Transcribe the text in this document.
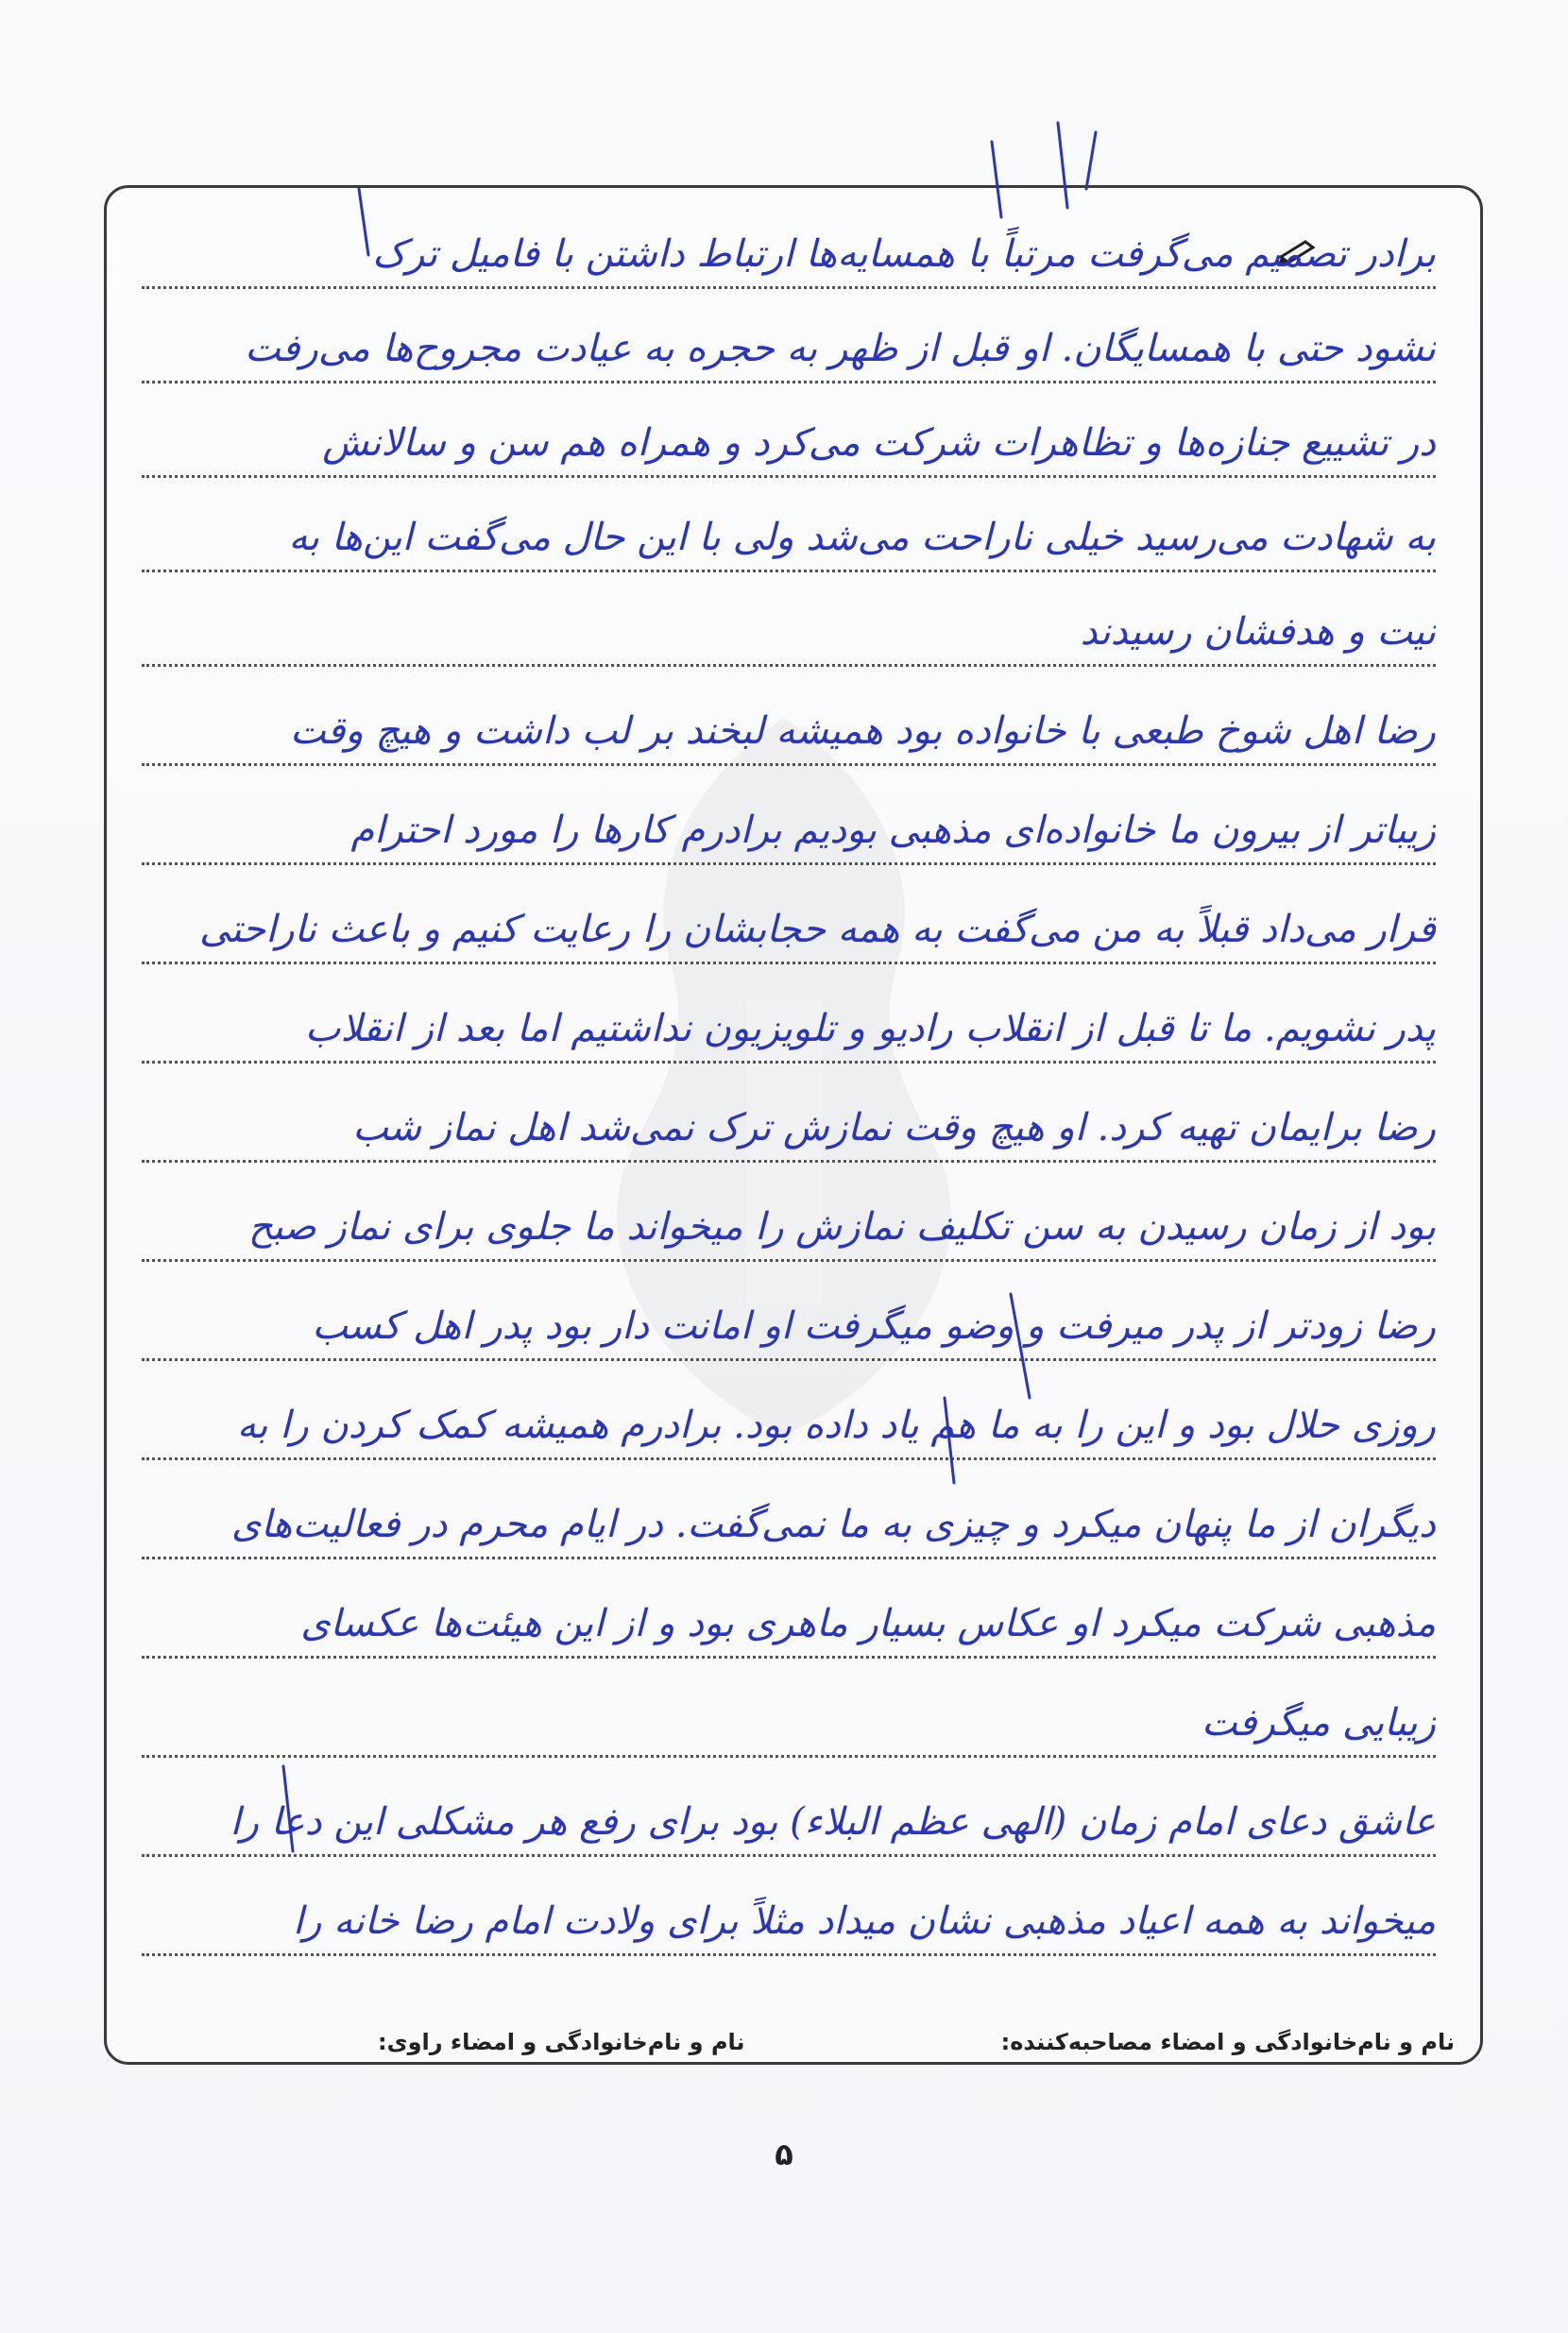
برادر تصمیم می‌گرفت مرتباً با همسایه‌ها ارتباط داشتن با فامیل ترک
نشود حتی با همسایگان. او قبل از ظهر به حجره به عیادت مجروح‌ها می‌رفت
در تشییع جنازه‌ها و تظاهرات شرکت می‌کرد و همراه هم سن و سالانش
به شهادت می‌رسید خیلی ناراحت می‌شد ولی با این حال می‌گفت این‌ها به
نیت و هدفشان رسیدند
رضا اهل شوخ طبعی با خانواده بود همیشه لبخند بر لب داشت و هیچ وقت
زیباتر از بیرون ما خانواده‌ای مذهبی بودیم برادرم کارها را مورد احترام
قرار می‌داد قبلاً به من می‌گفت به همه حجابشان را رعایت کنیم و باعث ناراحتی
پدر نشویم. ما تا قبل از انقلاب رادیو و تلویزیون نداشتیم اما بعد از انقلاب
رضا برایمان تهیه کرد. او هیچ وقت نمازش ترک نمی‌شد اهل نماز شب
بود از زمان رسیدن به سن تکلیف نمازش را میخواند ما جلوی برای نماز صبح
رضا زودتر از پدر میرفت و وضو میگرفت او امانت دار بود پدر اهل کسب
روزی حلال بود و این را به ما هم یاد داده بود. برادرم همیشه کمک کردن را به
دیگران از ما پنهان میکرد و چیزی به ما نمی‌گفت. در ایام محرم در فعالیت‌های
مذهبی شرکت میکرد او عکاس بسیار ماهری بود و از این هیئت‌ها عکسای
زیبایی میگرفت
عاشق دعای امام زمان (الهی عظم البلاء) بود برای رفع هر مشکلی این دعا را
میخواند به همه اعیاد مذهبی نشان میداد مثلاً برای ولادت امام رضا خانه را
نام و نام‌خانوادگی و امضاء مصاحبه‌کننده:
نام و نام‌خانوادگی و امضاء راوی:
۵
